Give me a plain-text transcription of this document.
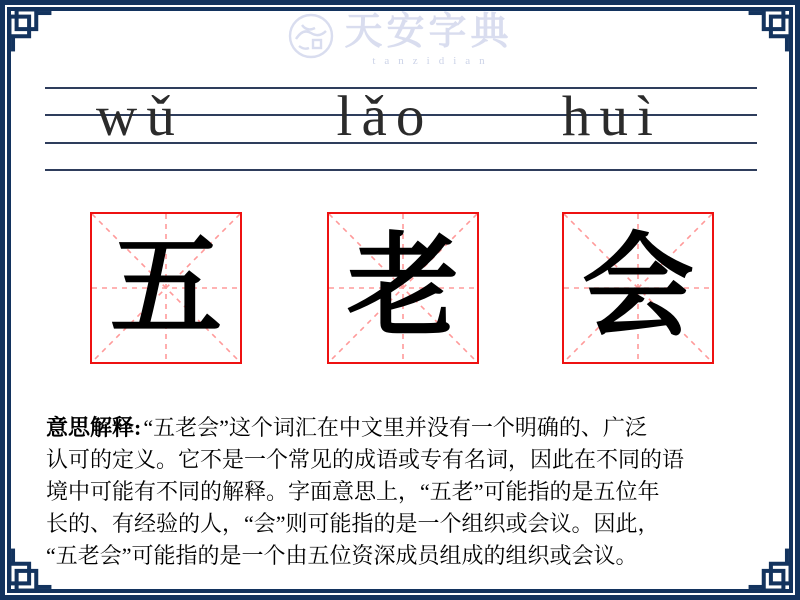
天安字典
tanzidian
wǔ	lǎo huì
五 老 会
意思解释:“五老会”这个词汇在中文里并没有一个明确的、广泛
认可的定义。它不是一个常见的成语或专有名词，因此在不同的语
境中可能有不同的解释。字面意思上，“五老”可能指的是五位年
长的、有经验的人，“会”则可能指的是一个组织或会议。因此，
“五老会”可能指的是一个由五位资深成员组成的组织或会议。
